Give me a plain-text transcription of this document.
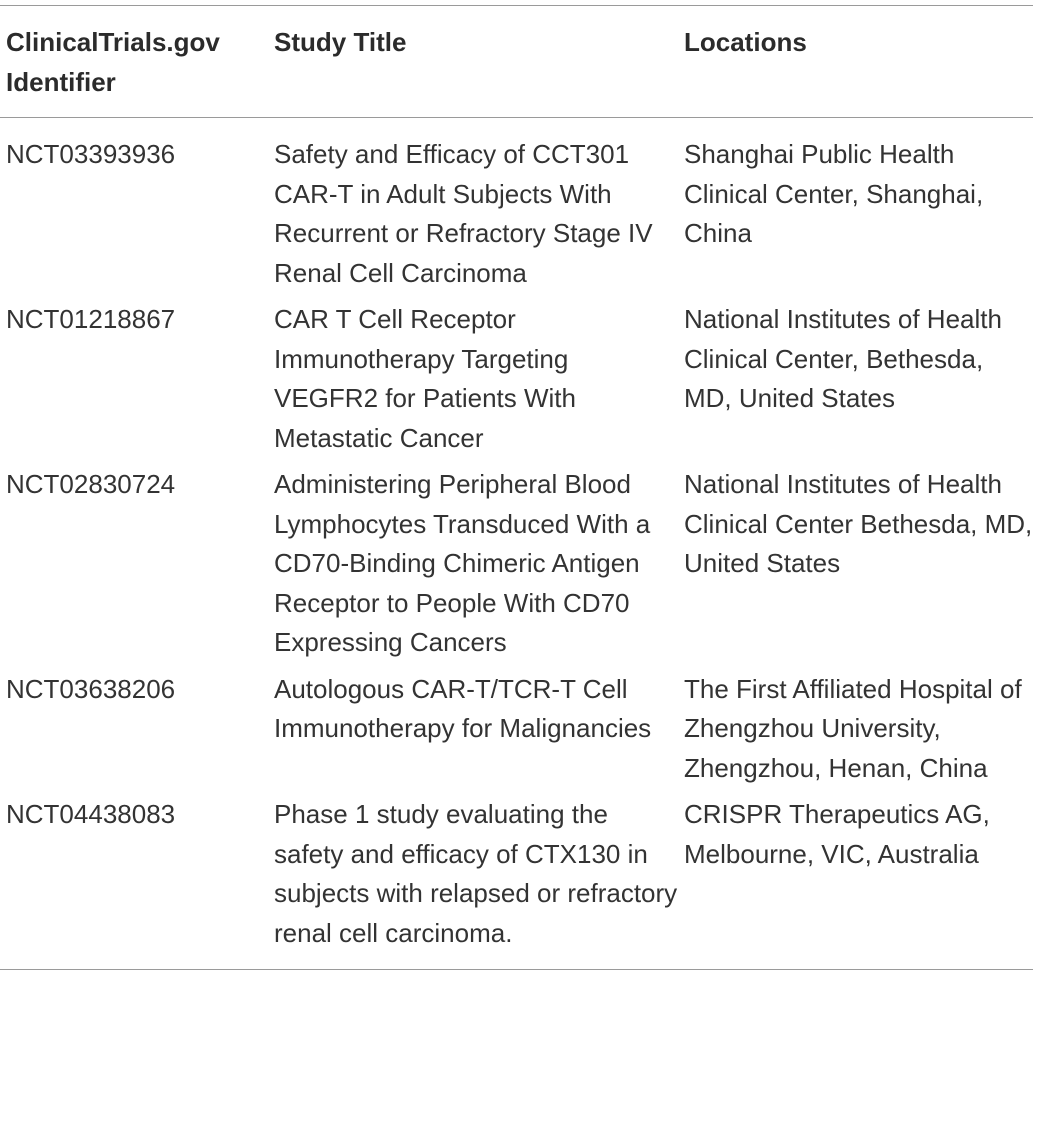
ClinicalTrials.gov Identifier	Study Title	Locations
NCT03393936	Safety and Efficacy of CCT301 CAR-T in Adult Subjects With Recurrent or Refractory Stage IV Renal Cell Carcinoma	Shanghai Public Health Clinical Center, Shanghai, China
NCT01218867	CAR T Cell Receptor Immunotherapy Targeting VEGFR2 for Patients With Metastatic Cancer	National Institutes of Health Clinical Center, Bethesda, MD, United States
NCT02830724	Administering Peripheral Blood Lymphocytes Transduced With a CD70-Binding Chimeric Antigen Receptor to People With CD70 Expressing Cancers	National Institutes of Health Clinical Center Bethesda, MD, United States
NCT03638206	Autologous CAR-T/TCR-T Cell Immunotherapy for Malignancies	The First Affiliated Hospital of Zhengzhou University, Zhengzhou, Henan, China
NCT04438083	Phase 1 study evaluating the safety and efficacy of CTX130 in subjects with relapsed or refractory renal cell carcinoma.	CRISPR Therapeutics AG, Melbourne, VIC, Australia
